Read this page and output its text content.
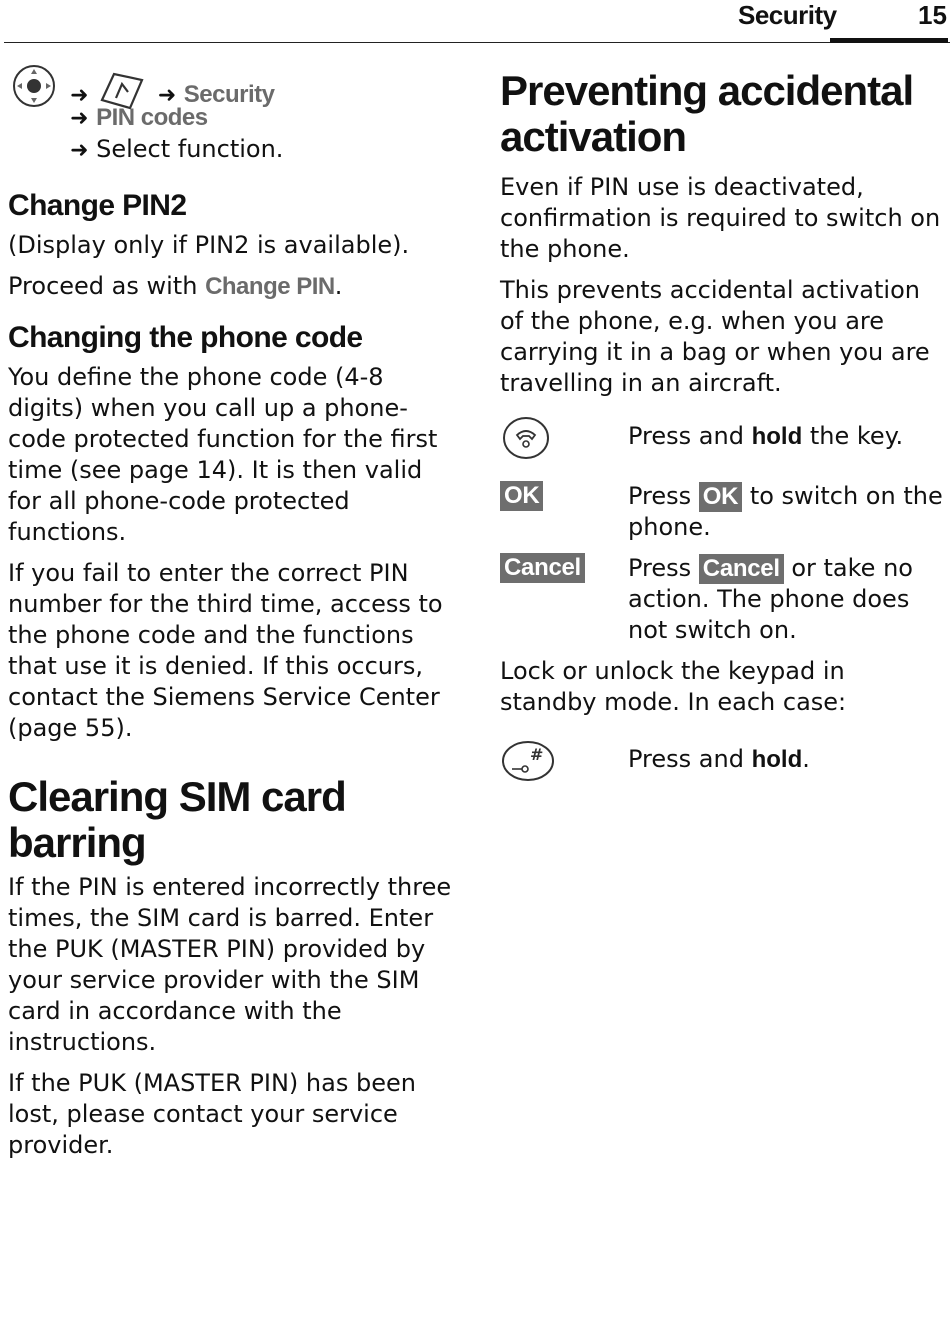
Security	15
➜	➜ Security
➜ PIN codes
➜ Select function.
Change PIN2

(Display only if PIN2 is available).

Proceed as with Change PIN.

Changing the phone code

You define the phone code (4-8 digits) when you call up a phone-code protected function for the first time (see page 14). It is then valid for all phone-code protected functions.

If you fail to enter the correct PIN number for the third time, access to the phone code and the functions that use it is denied. If this occurs, contact the Siemens Service Center (page 55).

Clearing SIM card barring

If the PIN is entered incorrectly three times, the SIM card is barred. Enter the PUK (MASTER PIN) provided by your service provider with the SIM card in accordance with the instructions.

If the PUK (MASTER PIN) has been lost, please contact your service provider.

Preventing accidental
activation

Even if PIN use is deactivated, confirmation is required to switch on the phone.

This prevents accidental activation of the phone, e.g. when you are carrying it in a bag or when you are travelling in an aircraft.

Press and hold the key.
OK	Press OK to switch on the phone.
Cancel	Press Cancel or take no action. The phone does not switch on.

Lock or unlock the keypad in standby mode. In each case:

#	Press and hold.
